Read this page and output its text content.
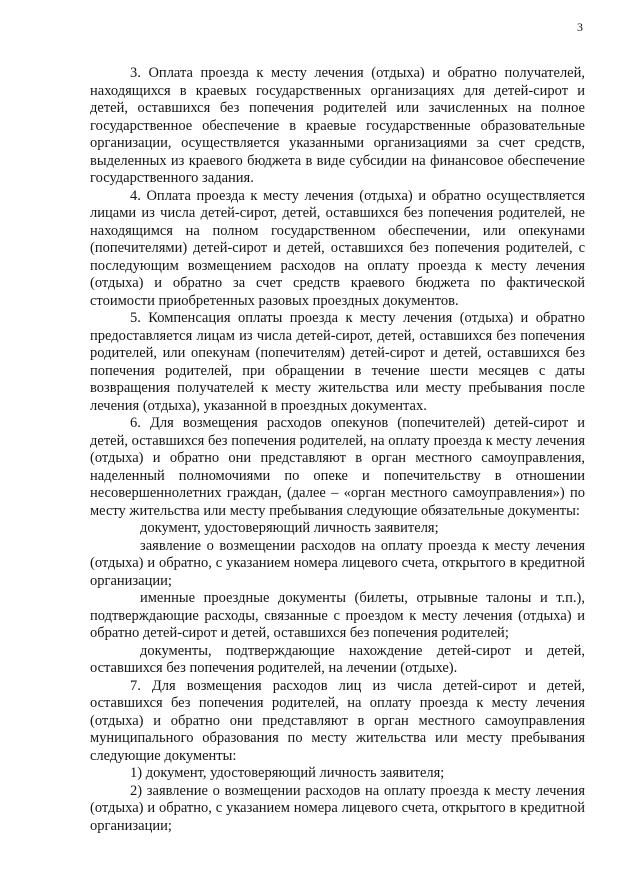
3

3. Оплата проезда к месту лечения (отдыха) и обратно получателей, находящихся в краевых государственных организациях для детей-сирот и детей, оставшихся без попечения родителей или зачисленных на полное государственное обеспечение в краевые государственные образовательные организации, осуществляется указанными организациями за счет средств, выделенных из краевого бюджета в виде субсидии на финансовое обеспечение государственного задания.

4. Оплата проезда к месту лечения (отдыха) и обратно осуществляется лицами из числа детей-сирот, детей, оставшихся без попечения родителей, не находящимся на полном государственном обеспечении, или опекунами (попечителями) детей-сирот и детей, оставшихся без попечения родителей, с последующим возмещением расходов на оплату проезда к месту лечения (отдыха) и обратно за счет средств краевого бюджета по фактической стоимости приобретенных разовых проездных документов.

5. Компенсация оплаты проезда к месту лечения (отдыха) и обратно предоставляется лицам из числа детей-сирот, детей, оставшихся без попечения родителей, или опекунам (попечителям) детей-сирот и детей, оставшихся без попечения родителей, при обращении в течение шести месяцев с даты возвращения получателей к месту жительства или месту пребывания после лечения (отдыха), указанной в проездных документах.

6. Для возмещения расходов опекунов (попечителей) детей-сирот и детей, оставшихся без попечения родителей, на оплату проезда к месту лечения (отдыха) и обратно они представляют в орган местного самоуправления, наделенный полномочиями по опеке и попечительству в отношении несовершеннолетних граждан, (далее – «орган местного самоуправления») по месту жительства или месту пребывания следующие обязательные документы:

документ, удостоверяющий личность заявителя;

заявление о возмещении расходов на оплату проезда к месту лечения (отдыха) и обратно, с указанием номера лицевого счета, открытого в кредитной организации;

именные проездные документы (билеты, отрывные талоны и т.п.), подтверждающие расходы, связанные с проездом к месту лечения (отдыха) и обратно детей-сирот и детей, оставшихся без попечения родителей;

документы, подтверждающие нахождение детей-сирот и детей, оставшихся без попечения родителей, на лечении (отдыхе).

7. Для возмещения расходов лиц из числа детей-сирот и детей, оставшихся без попечения родителей, на оплату проезда к месту лечения (отдыха) и обратно они представляют в орган местного самоуправления муниципального образования по месту жительства или месту пребывания следующие документы:

1) документ, удостоверяющий личность заявителя;

2) заявление о возмещении расходов на оплату проезда к месту лечения (отдыха) и обратно, с указанием номера лицевого счета, открытого в кредитной организации;
